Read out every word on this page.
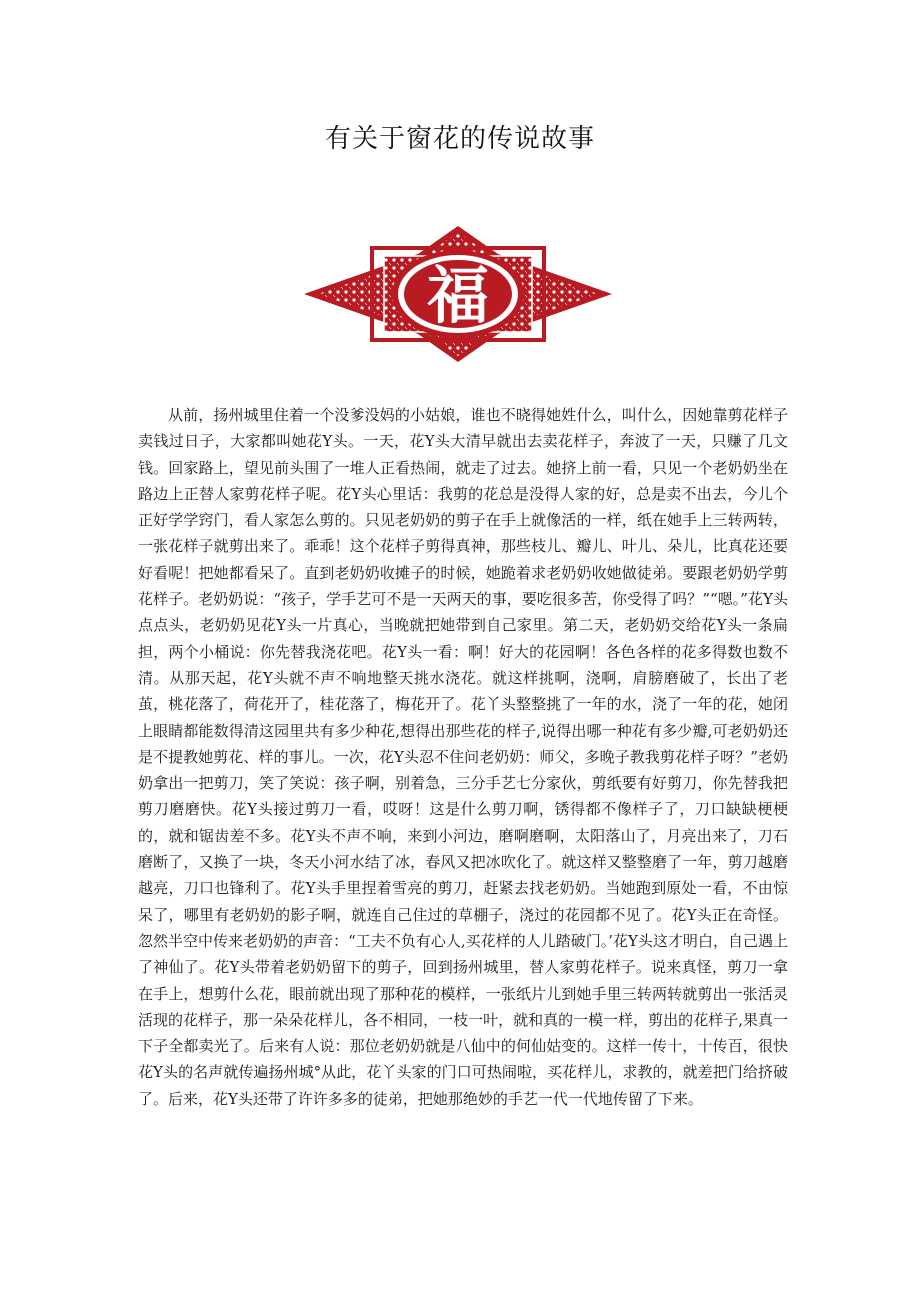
有关于窗花的传说故事
福

从前，扬州城里住着一个没爹没妈的小姑娘，谁也不晓得她姓什么，叫什么，因她靠剪花样子卖钱过日子，大家都叫她花Y头。一天，花Y头大清早就出去卖花样子，奔波了一天，只赚了几文钱。回家路上，望见前头围了一堆人正看热闹，就走了过去。她挤上前一看，只见一个老奶奶坐在路边上正替人家剪花样子呢。花Y头心里话：我剪的花总是没得人家的好，总是卖不出去，今儿个正好学学窍门，看人家怎么剪的。只见老奶奶的剪子在手上就像活的一样，纸在她手上三转两转，一张花样子就剪出来了。乖乖！这个花样子剪得真神，那些枝儿、瓣儿、叶儿、朵儿，比真花还要好看呢！把她都看呆了。直到老奶奶收摊子的时候，她跪着求老奶奶收她做徒弟。要跟老奶奶学剪花样子。老奶奶说：“孩子，学手艺可不是一天两天的事，要吃很多苦，你受得了吗？”“嗯。”花Y头点点头，老奶奶见花Y头一片真心，当晚就把她带到自己家里。第二天，老奶奶交给花Y头一条扁担，两个小桶说：你先替我浇花吧。花Y头一看：啊！好大的花园啊！各色各样的花多得数也数不清。从那天起，花Y头就不声不响地整天挑水浇花。就这样挑啊，浇啊，肩膀磨破了，长出了老茧，桃花落了，荷花开了，桂花落了，梅花开了。花丫头整整挑了一年的水，浇了一年的花，她闭上眼睛都能数得清这园里共有多少种花,想得出那些花的样子,说得出哪一种花有多少瓣,可老奶奶还是不提教她剪花、样的事儿。一次，花Y头忍不住问老奶奶：师父，多晚子教我剪花样子呀？”老奶奶拿出一把剪刀，笑了笑说：孩子啊，别着急，三分手艺七分家伙，剪纸要有好剪刀，你先替我把剪刀磨磨快。花Y头接过剪刀一看，哎呀！这是什么剪刀啊，锈得都不像样子了，刀口缺缺梗梗的，就和锯齿差不多。花Y头不声不响，来到小河边，磨啊磨啊，太阳落山了，月亮出来了，刀石磨断了，又换了一块，冬天小河水结了冰，春风又把冰吹化了。就这样又整整磨了一年，剪刀越磨越亮，刀口也锋利了。花Y头手里捏着雪亮的剪刀，赶紧去找老奶奶。当她跑到原处一看，不由惊呆了，哪里有老奶奶的影子啊，就连自己住过的草棚子，浇过的花园都不见了。花Y头正在奇怪。忽然半空中传来老奶奶的声音：“工夫不负有心人,买花样的人儿踏破门。’花Y头这才明白，自己遇上了神仙了。花Y头带着老奶奶留下的剪子，回到扬州城里，替人家剪花样子。说来真怪，剪刀一拿在手上，想剪什么花，眼前就出现了那种花的模样，一张纸片儿到她手里三转两转就剪出一张活灵活现的花样子，那一朵朵花样儿，各不相同，一枝一叶，就和真的一模一样，剪出的花样子,果真一下子全都卖光了。后来有人说：那位老奶奶就是八仙中的何仙姑变的。这样一传十，十传百，很快花Y头的名声就传遍扬州城°从此，花丫头家的门口可热闹啦，买花样儿，求教的，就差把门给挤破了。后来，花Y头还带了许许多多的徒弟，把她那绝妙的手艺一代一代地传留了下来。
